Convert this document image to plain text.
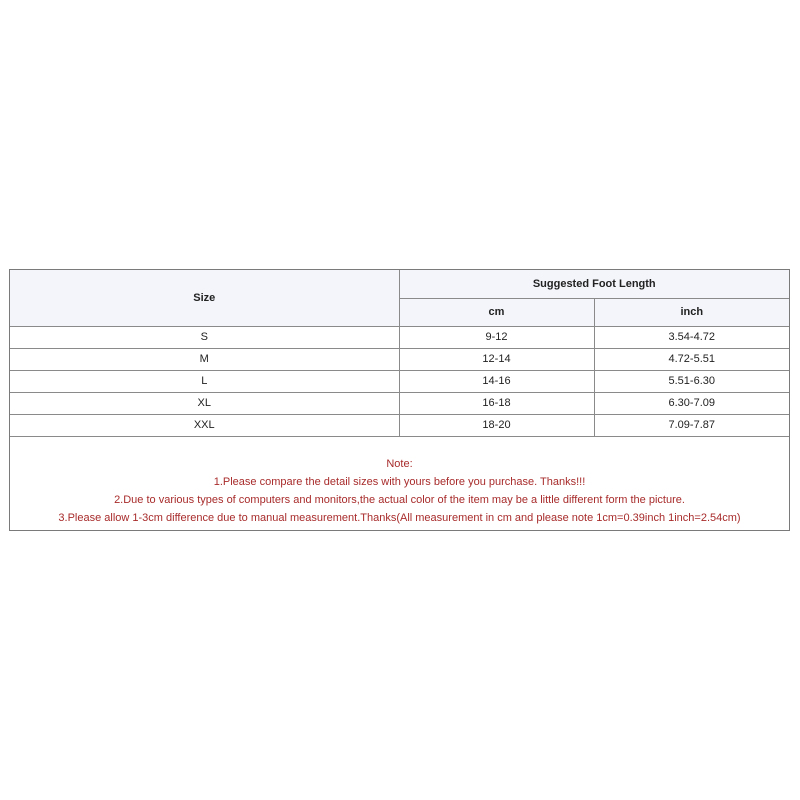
Size	Suggested Foot Length	
	cm	inch
S	9-12	3.54-4.72
M	12-14	4.72-5.51
L	14-16	5.51-6.30
XL	16-18	6.30-7.09
XXL	18-20	7.09-7.87
Note:
1.Please compare the detail sizes with yours before you purchase. Thanks!!!
2.Due to various types of computers and monitors,the actual color of the item may be a little different form the picture.
3.Please allow 1-3cm difference due to manual measurement.Thanks(All measurement in cm and please note 1cm=0.39inch 1inch=2.54cm)
